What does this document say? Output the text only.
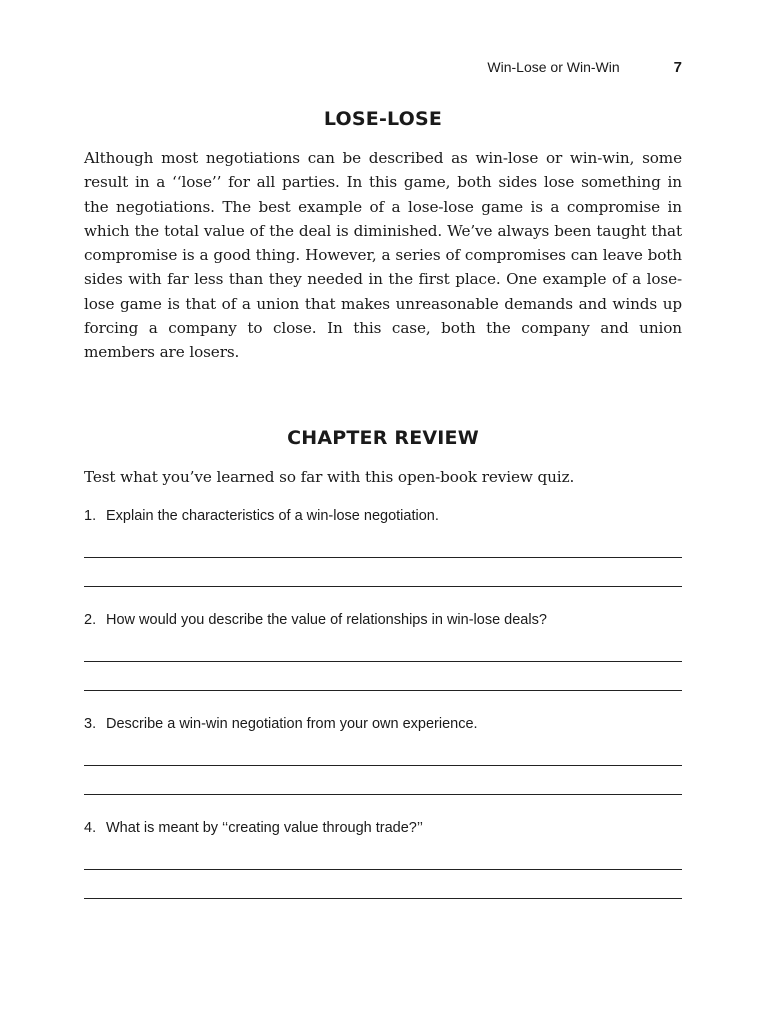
Win-Lose or Win-Win	7
LOSE-LOSE

Although most negotiations can be described as win-lose or win-win, some result in a ‘‘lose’’ for all parties. In this game, both sides lose something in the negotiations. The best example of a lose-lose game is a compromise in which the total value of the deal is diminished. We’ve always been taught that compromise is a good thing. However, a series of compromises can leave both sides with far less than they needed in the first place. One example of a lose-lose game is that of a union that makes unreasonable demands and winds up forcing a company to close. In this case, both the company and union members are losers.

CHAPTER REVIEW

Test what you’ve learned so far with this open-book review quiz.

1. Explain the characteristics of a win-lose negotiation.
2. How would you describe the value of relationships in win-lose deals?
3. Describe a win-win negotiation from your own experience.
4. What is meant by ‘‘creating value through trade?’’
